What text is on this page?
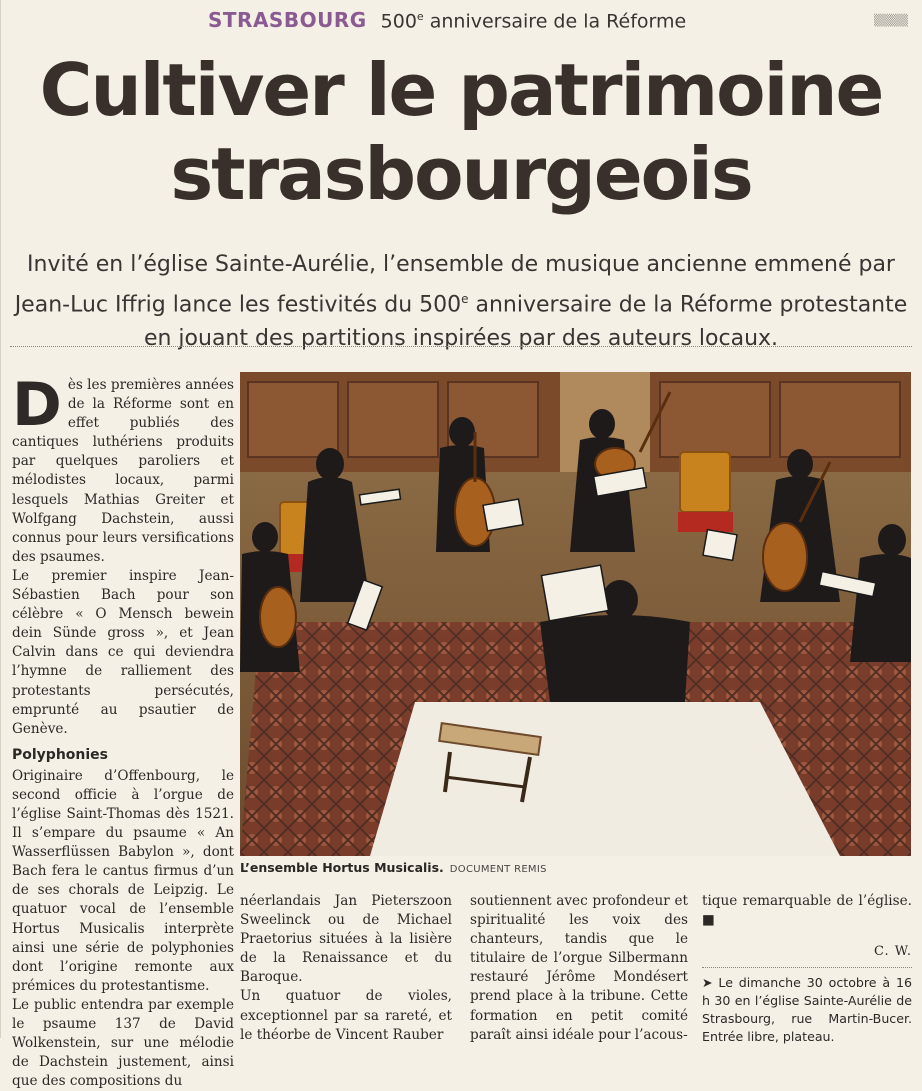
STRASBOURG 500e anniversaire de la Réforme	▒▒▒▒
Cultiver le patrimoine
strasbourgeois
Invité en l’église Sainte-Aurélie, l’ensemble de musique ancienne emmené par
Jean-Luc Iffrig lance les festivités du 500e anniversaire de la Réforme protestante
en jouant des partitions inspirées par des auteurs locaux.

Dès les premières années de la Réforme sont en effet publiés des cantiques luthériens produits par quelques paroliers et mélodistes locaux, parmi lesquels Mathias Greiter et Wolfgang Dachstein, aussi connus pour leurs versifications des psaumes.

Le premier inspire Jean-Sébastien Bach pour son célèbre « O Mensch bewein dein Sünde gross », et Jean Calvin dans ce qui deviendra l’hymne de ralliement des protestants persécutés, emprunté au psautier de Genève.

Polyphonies

Originaire d’Offenbourg, le second officie à l’orgue de l’église Saint-Thomas dès 1521. Il s’empare du psaume « An Wasserflüssen Babylon », dont Bach fera le cantus firmus d’un de ses chorals de Leipzig. Le quatuor vocal de l’ensemble Hortus Musicalis interprète ainsi une série de polyphonies dont l’origine remonte aux prémices du protestantisme.

Le public entendra par exemple le psaume 137 de David Wolkenstein, sur une mélodie de Dachstein justement, ainsi que des compositions du

L’ensemble Hortus Musicalis. DOCUMENT REMIS

néerlandais Jan Pieterszoon Sweelinck ou de Michael Praetorius situées à la lisière de la Renaissance et du Baroque.

Un quatuor de violes, exceptionnel par sa rareté, et le théorbe de Vincent Rauber

soutiennent avec profondeur et spiritualité les voix des chanteurs, tandis que le titulaire de l’orgue Silbermann restauré Jérôme Mondésert prend place à la tribune. Cette formation en petit comité paraît ainsi idéale pour l’acous-

tique remarquable de l’église. ■

C. W.

➤ Le dimanche 30 octobre à 16 h 30 en l’église Sainte-Aurélie de Strasbourg, rue Martin-Bucer. Entrée libre, plateau.
